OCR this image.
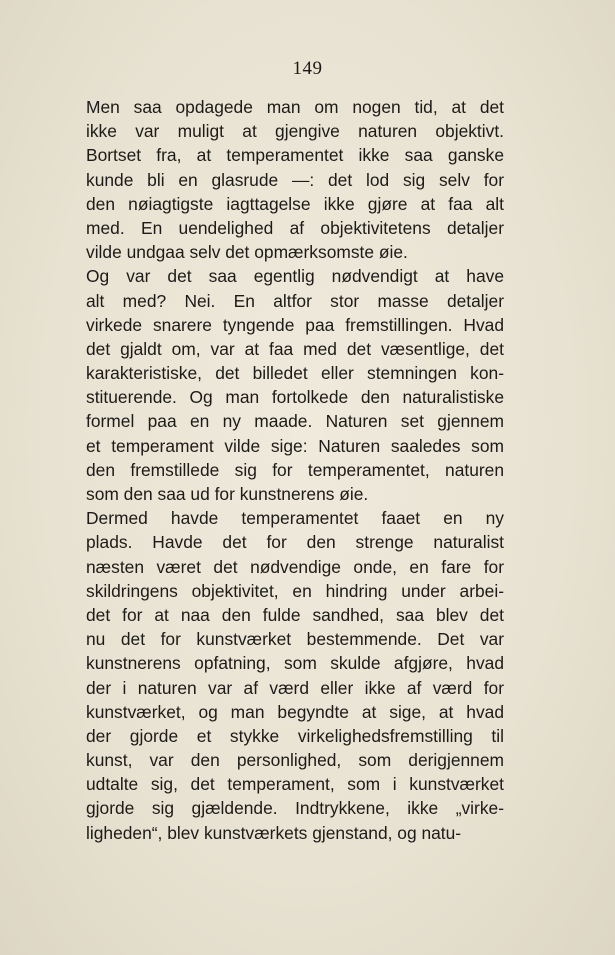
149
Men saa opdagede man om nogen tid, at det
ikke var muligt at gjengive naturen objektivt.
Bortset fra, at temperamentet ikke saa ganske
kunde bli en glasrude —: det lod sig selv for
den nøiagtigste iagttagelse ikke gjøre at faa alt
med. En uendelighed af objektivitetens detaljer
vilde undgaa selv det opmærksomste øie.
Og var det saa egentlig nødvendigt at have
alt med? Nei. En altfor stor masse detaljer
virkede snarere tyngende paa fremstillingen. Hvad
det gjaldt om, var at faa med det væsentlige, det
karakteristiske, det billedet eller stemningen kon-
stituerende. Og man fortolkede den naturalistiske
formel paa en ny maade. Naturen set gjennem
et temperament vilde sige: Naturen saaledes som
den fremstillede sig for temperamentet, naturen
som den saa ud for kunstnerens øie.
Dermed havde temperamentet faaet en ny
plads. Havde det for den strenge naturalist
næsten været det nødvendige onde, en fare for
skildringens objektivitet, en hindring under arbei-
det for at naa den fulde sandhed, saa blev det
nu det for kunstværket bestemmende. Det var
kunstnerens opfatning, som skulde afgjøre, hvad
der i naturen var af værd eller ikke af værd for
kunstværket, og man begyndte at sige, at hvad
der gjorde et stykke virkelighedsfremstilling til
kunst, var den personlighed, som derigjennem
udtalte sig, det temperament, som i kunstværket
gjorde sig gjældende. Indtrykkene, ikke „virke-
ligheden“, blev kunstværkets gjenstand, og natu-
